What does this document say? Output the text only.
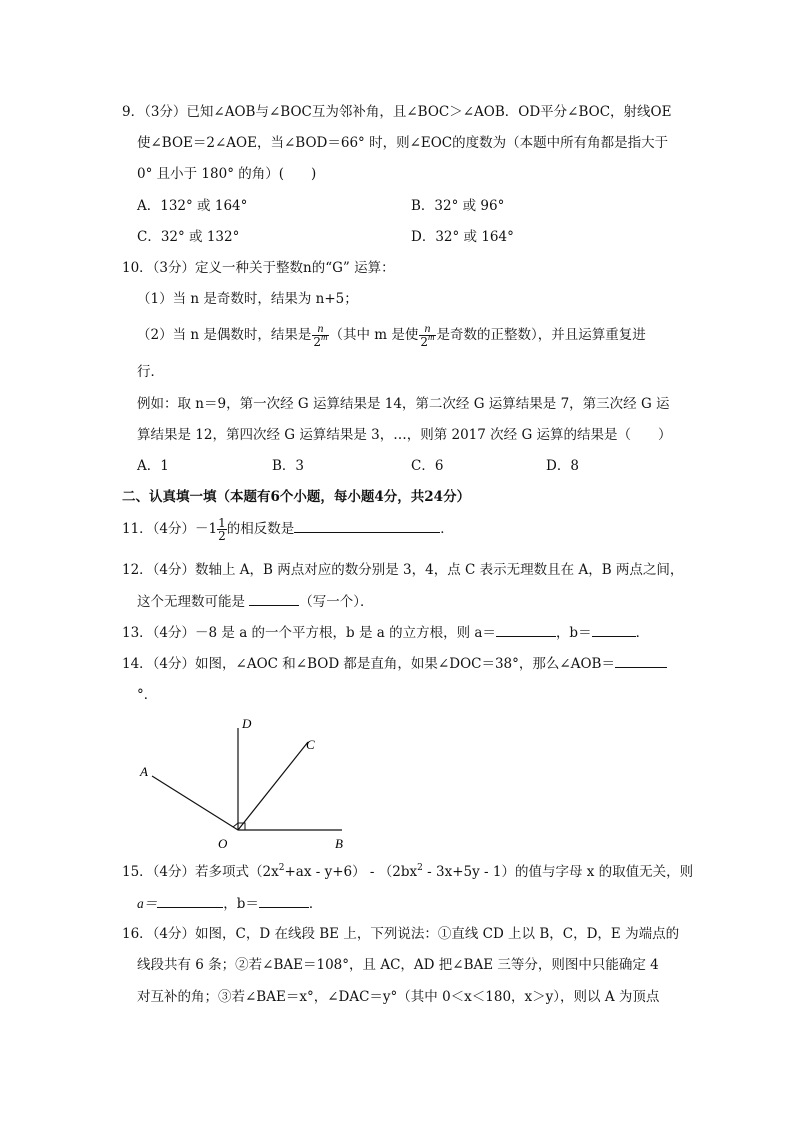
9．（3分）已知∠AOB与∠BOC互为邻补角，且∠BOC＞∠AOB．OD平分∠BOC，射线OE
使∠BOE＝2∠AOE，当∠BOD＝66° 时，则∠EOC的度数为（本题中所有角都是指大于
0° 且小于 180° 的角）(　　)
A．132° 或 164°	B．32° 或 96°
C．32° 或 132°	D．32° 或 164°
10．（3分）定义一种关于整数n的“G” 运算：
（1）当 n 是奇数时，结果为 n+5；
（2）当 n 是偶数时，结果是 $\frac{n}{2^m}$ （其中 m 是使 $\frac{n}{2^m}$ 是奇数的正整数），并且运算重复进
行．
例如：取 n＝9，第一次经 G 运算结果是 14，第二次经 G 运算结果是 7，第三次经 G 运
算结果是 12，第四次经 G 运算结果是 3，…，则第 2017 次经 G 运算的结果是（　　）
A．1	B．3	C．6	D．8
二、认真填一填（本题有6个小题，每小题4分，共24分）
11．（4分）$-1 \frac{1}{2}$ 的相反数是	．
12．（4分）数轴上 A，B 两点对应的数分别是 3，4，点 C 表示无理数且在 A，B 两点之间，
这个无理数可能是	（写一个）．
13．（4分）－8 是 a 的一个平方根，b 是 a 的立方根，则 a＝	，b＝	．
14．（4分）如图，∠AOC 和∠BOD 都是直角，如果∠DOC＝38°，那么∠AOB＝
°．
D
C
A
O	B
15．（4分）若多项式$(2x^2+ax - y+6) - (2bx^2 - 3x+5y - 1)$的值与字母 x 的取值无关，则
a＝	，b＝	．
16．（4分）如图，C，D 在线段 BE 上，下列说法：①直线 CD 上以 B，C，D，E 为端点的
线段共有 6 条；②若∠BAE＝108°，且 AC，AD 把∠BAE 三等分，则图中只能确定 4
对互补的角；③若∠BAE＝x°，∠DAC＝y°（其中 0＜x＜180，x＞y），则以 A 为顶点
